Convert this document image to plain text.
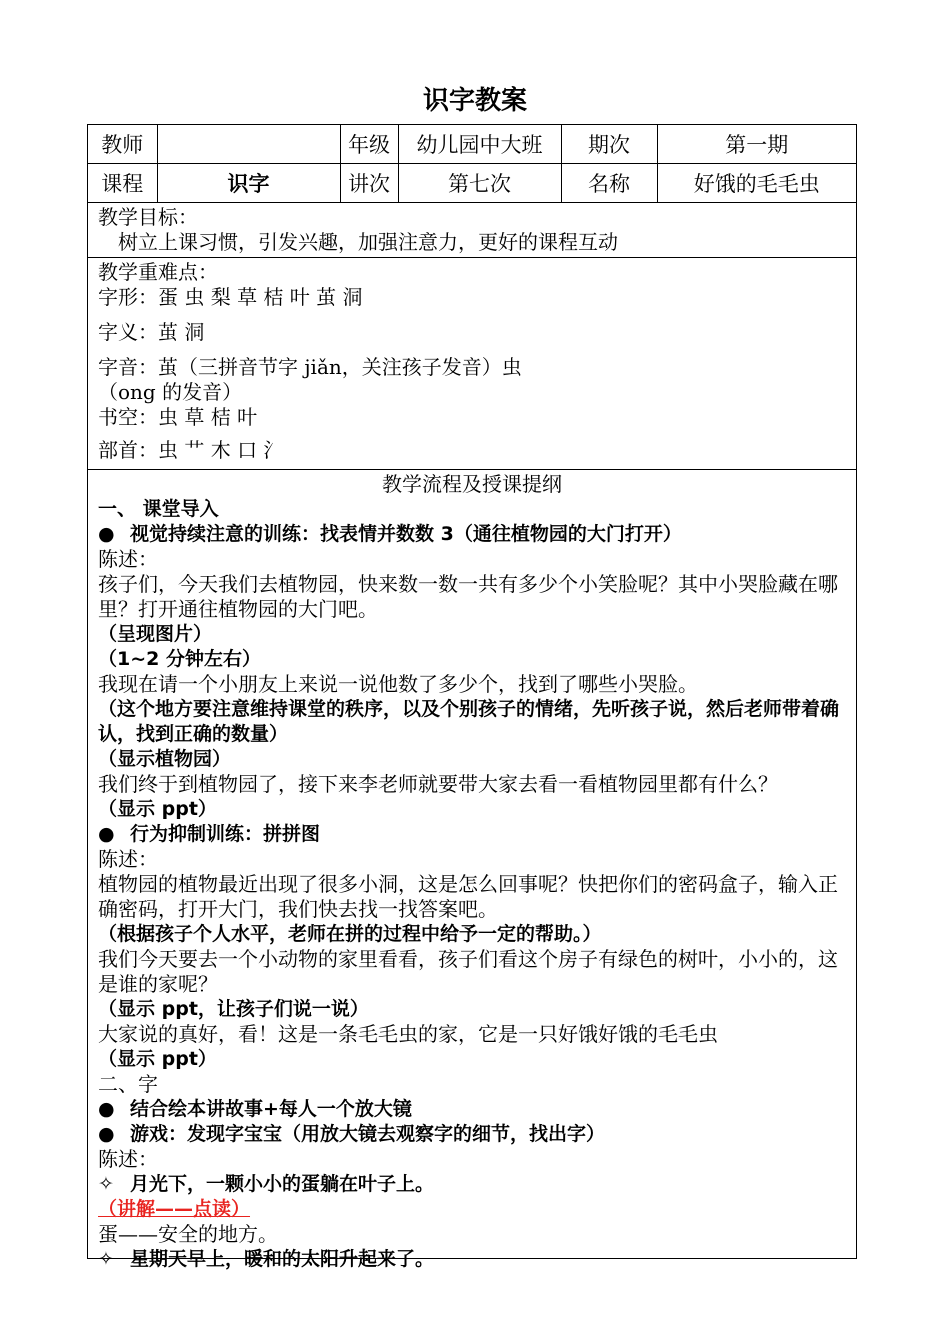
识字教案
教师		年级	幼儿园中大班	期次	第一期
课程	识字	讲次	第七次	名称	好饿的毛毛虫
教学目标：
树立上课习惯，引发兴趣，加强注意力，更好的课程互动
教学重难点：
字形：蛋 虫 梨 草 桔 叶 茧 洞
字义：茧 洞
字音：茧（三拼音节字 jiǎn，关注孩子发音）虫
（ong 的发音）
书空：虫 草 桔 叶
部首：虫 艹 木 口 氵
教学流程及授课提纲
一、 课堂导入
● 视觉持续注意的训练：找表情并数数 3（通往植物园的大门打开）
陈述：
孩子们，今天我们去植物园，快来数一数一共有多少个小笑脸呢？其中小哭脸藏在哪里？打开通往植物园的大门吧。
（呈现图片）
（1~2 分钟左右）
我现在请一个小朋友上来说一说他数了多少个，找到了哪些小哭脸。
（这个地方要注意维持课堂的秩序，以及个别孩子的情绪，先听孩子说，然后老师带着确认，找到正确的数量）
（显示植物园）
我们终于到植物园了，接下来李老师就要带大家去看一看植物园里都有什么？
（显示 ppt）
● 行为抑制训练：拼拼图
陈述：
植物园的植物最近出现了很多小洞，这是怎么回事呢？快把你们的密码盒子，输入正确密码，打开大门，我们快去找一找答案吧。
（根据孩子个人水平，老师在拼的过程中给予一定的帮助。）
我们今天要去一个小动物的家里看看，孩子们看这个房子有绿色的树叶，小小的，这是谁的家呢？
（显示 ppt，让孩子们说一说）
大家说的真好，看！这是一条毛毛虫的家，它是一只好饿好饿的毛毛虫
（显示 ppt）
二、字
● 结合绘本讲故事+每人一个放大镜
● 游戏：发现字宝宝（用放大镜去观察字的细节，找出字）
陈述：
✧ 月光下，一颗小小的蛋躺在叶子上。
（讲解——点读）
蛋——安全的地方。
✧ 星期天早上，暖和的太阳升起来了。
